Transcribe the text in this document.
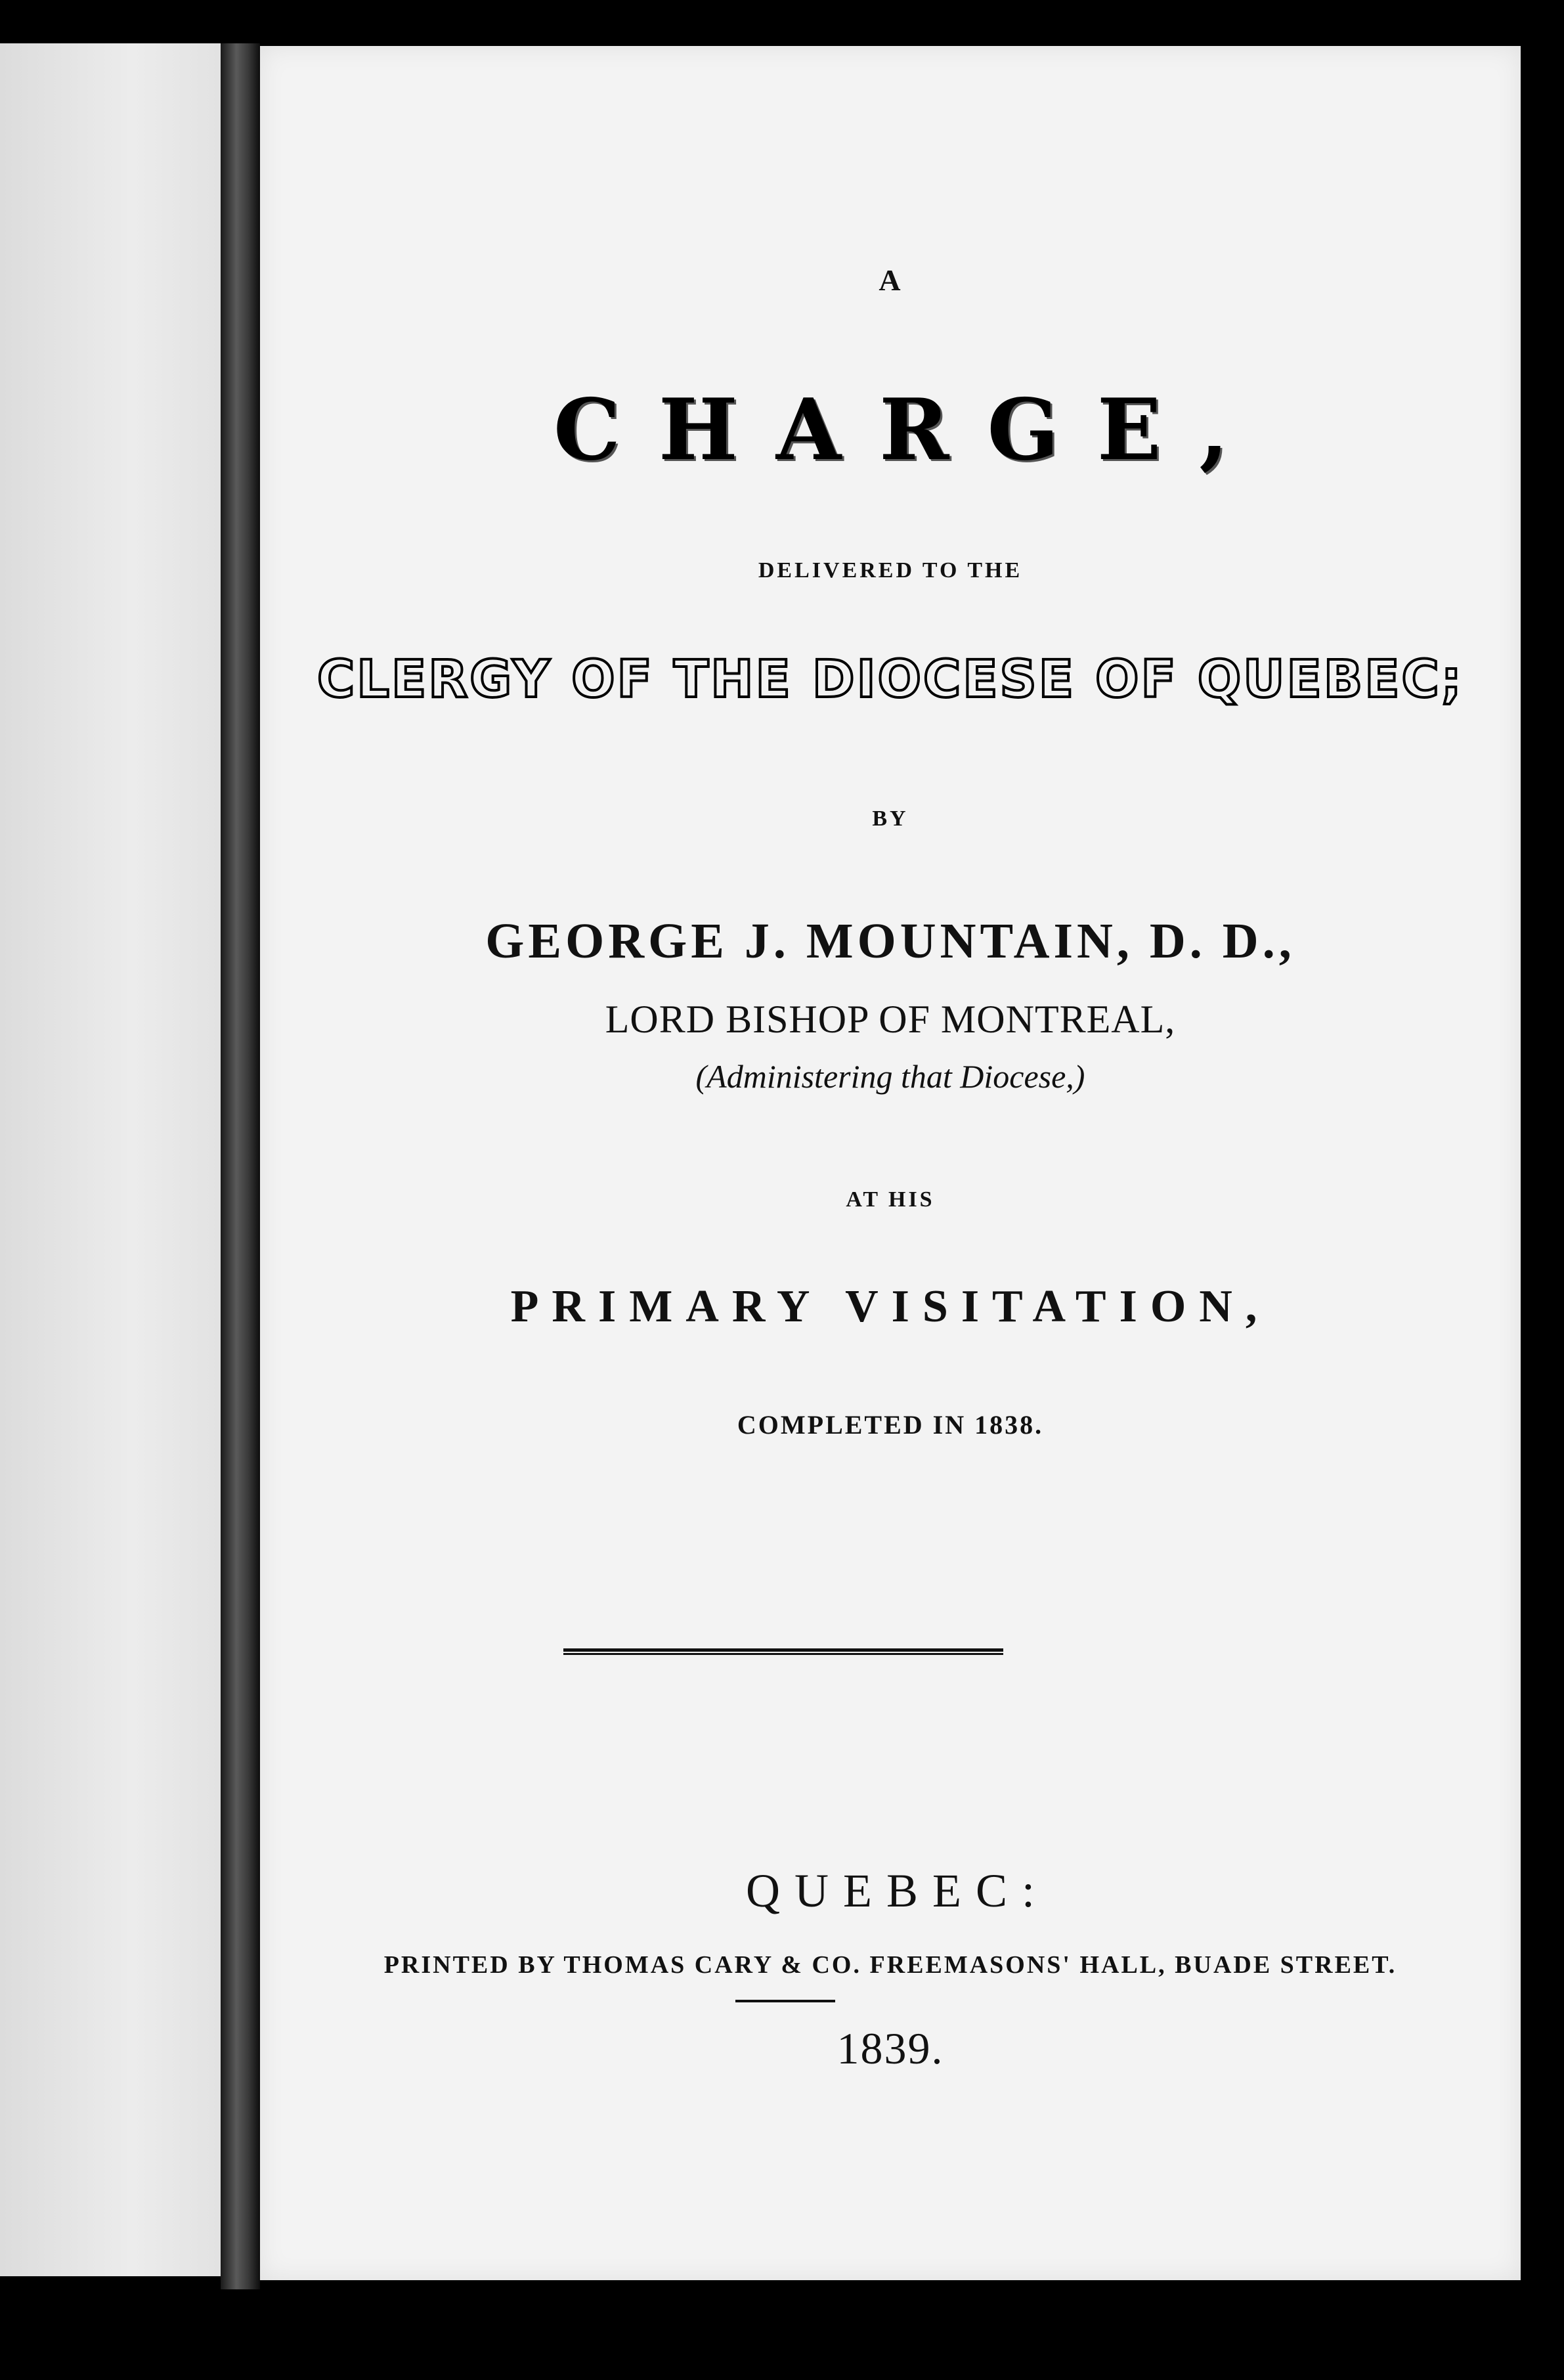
A
CHARGE,
DELIVERED TO THE
CLERGY OF THE DIOCESE OF QUEBEC;
BY
GEORGE J. MOUNTAIN, D. D.,
LORD BISHOP OF MONTREAL,
(Administering that Diocese,)
AT HIS
PRIMARY VISITATION,
COMPLETED IN 1838.
QUEBEC:
PRINTED BY THOMAS CARY & CO. FREEMASONS' HALL, BUADE STREET.
1839.
